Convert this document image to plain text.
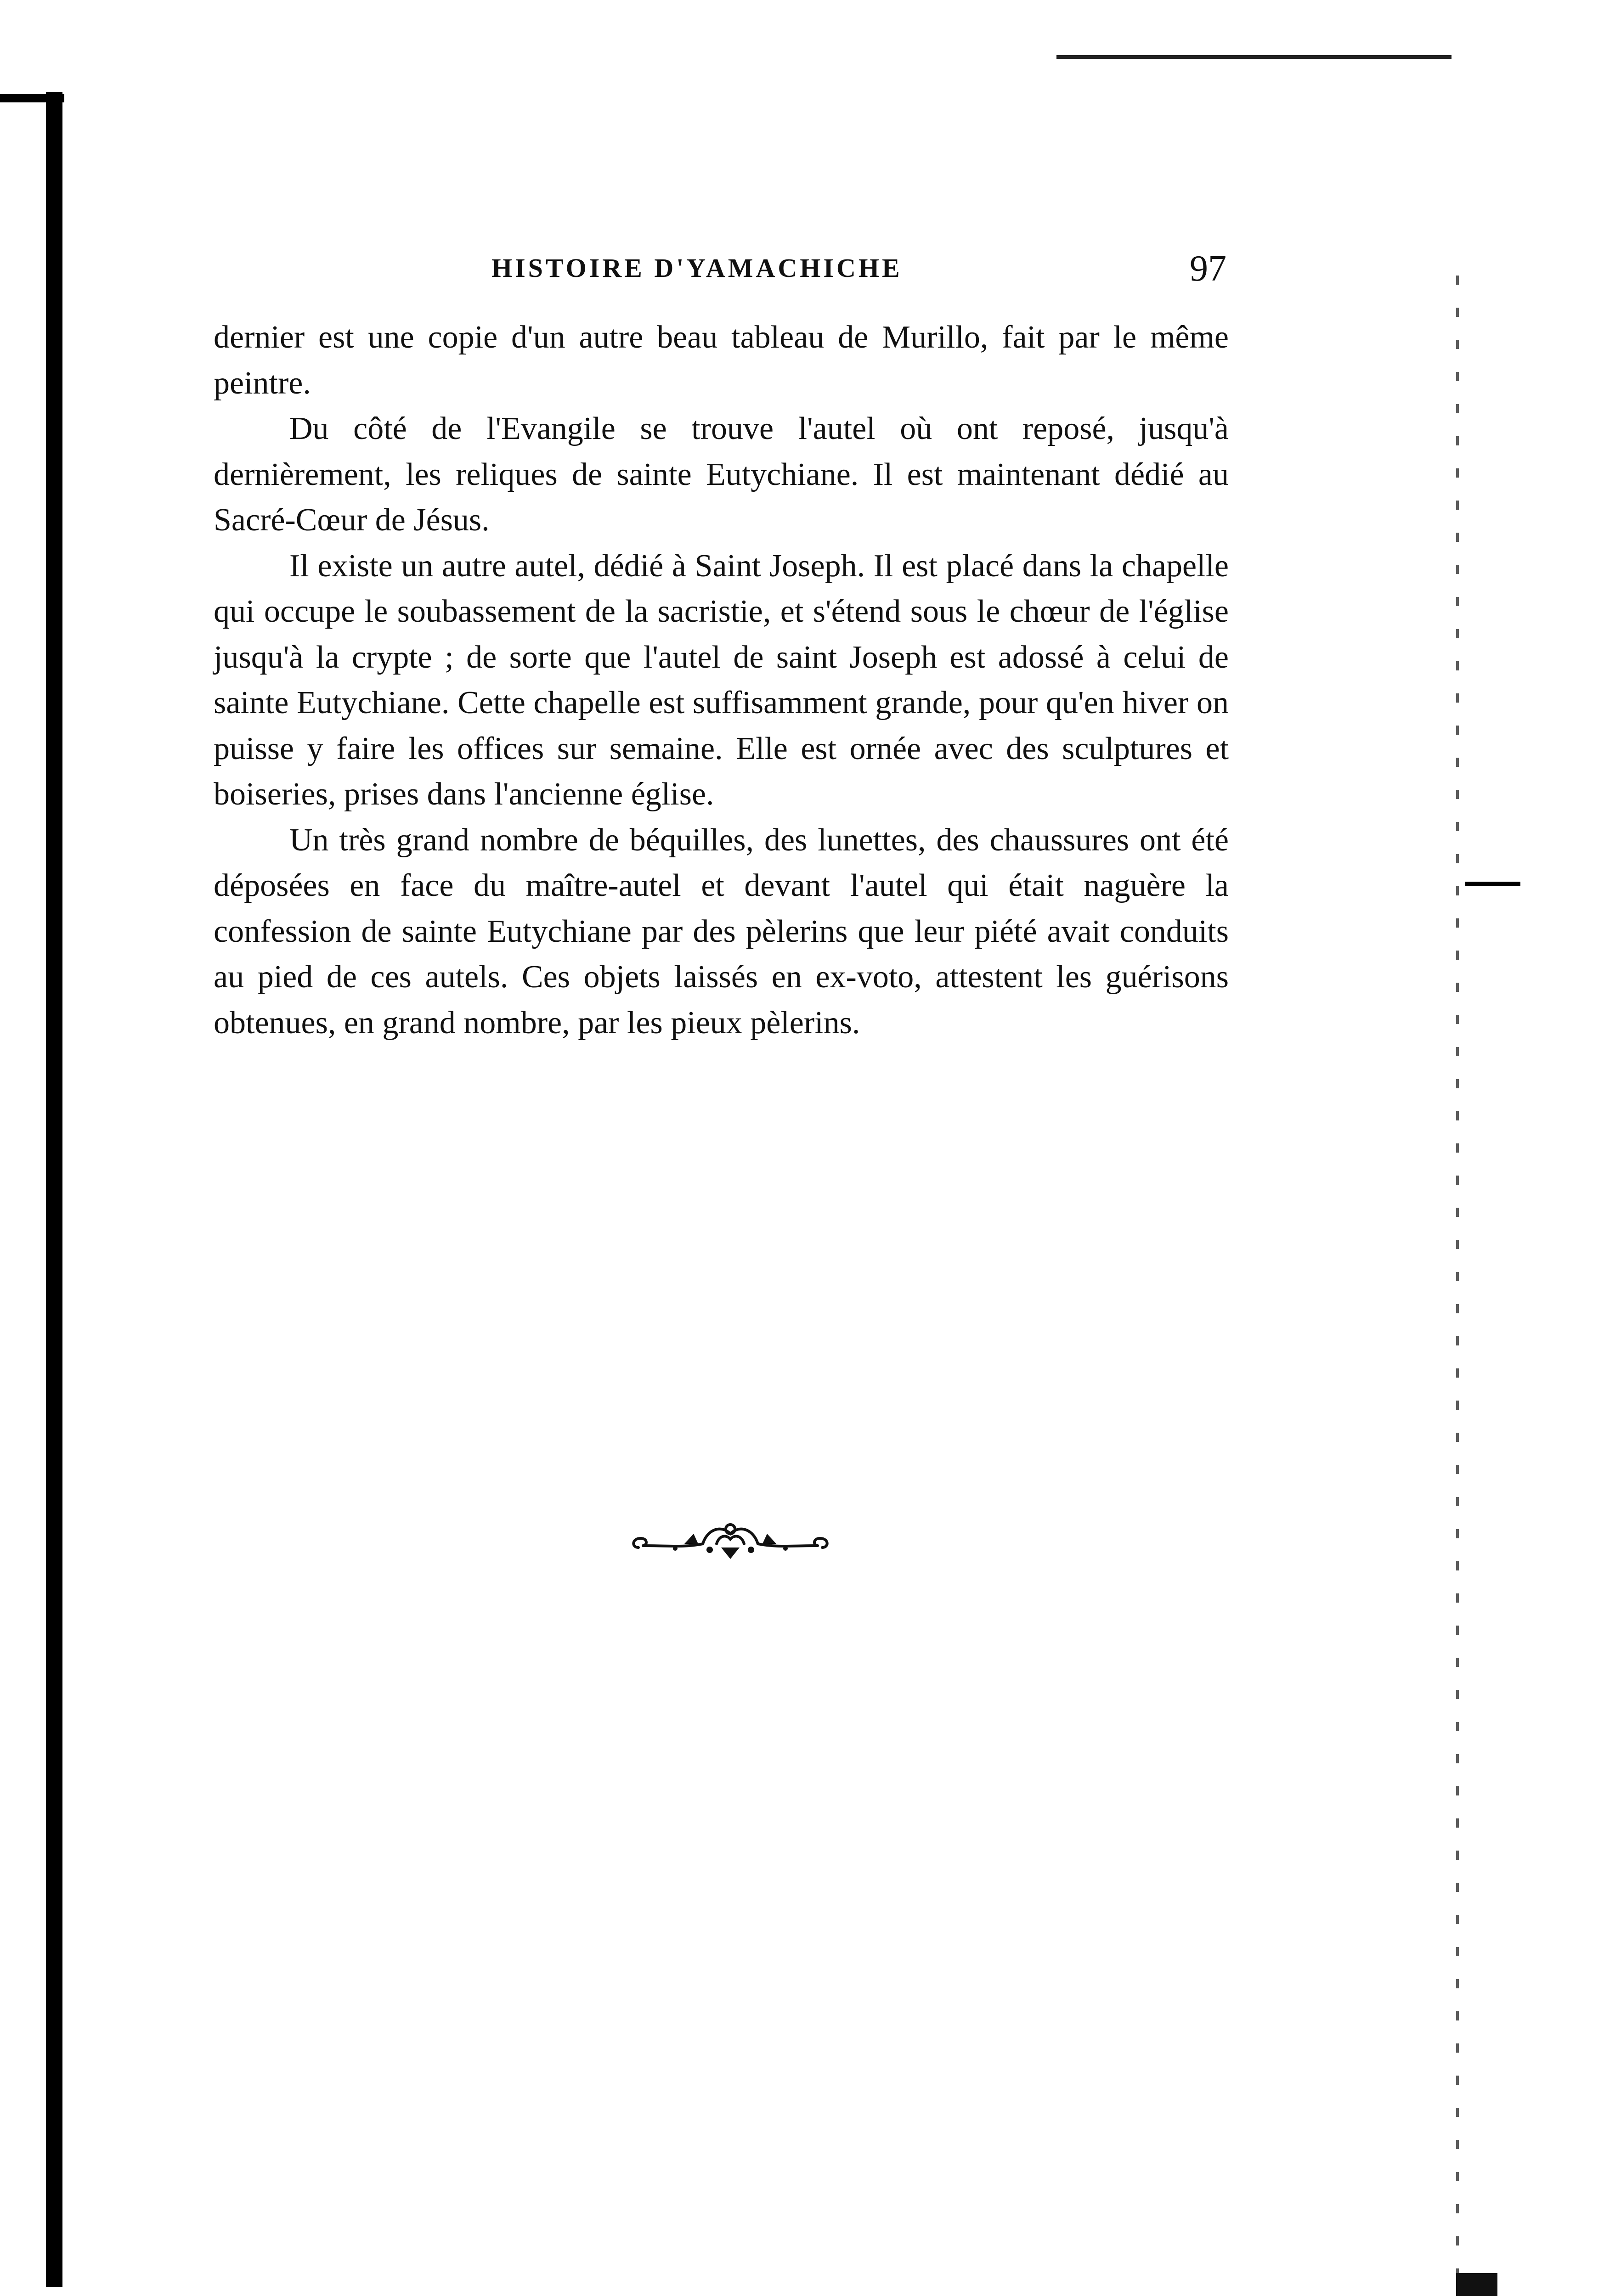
HISTOIRE D'YAMACHICHE	97

dernier est une copie d'un autre beau tableau de Murillo, fait par le même peintre.

Du côté de l'Evangile se trouve l'autel où ont reposé, jusqu'à dernièrement, les reliques de sainte Eutychiane. Il est maintenant dédié au Sacré-Cœur de Jésus.

Il existe un autre autel, dédié à Saint Joseph. Il est placé dans la chapelle qui occupe le soubassement de la sacristie, et s'étend sous le chœur de l'église jusqu'à la crypte ; de sorte que l'autel de saint Joseph est adossé à celui de sainte Eutychiane. Cette chapelle est suffisamment grande, pour qu'en hiver on puisse y faire les offices sur semaine. Elle est ornée avec des sculptures et boiseries, prises dans l'ancienne église.

Un très grand nombre de béquilles, des lunettes, des chaussures ont été déposées en face du maître-autel et devant l'autel qui était naguère la confession de sainte Eutychiane par des pèlerins que leur piété avait conduits au pied de ces autels. Ces objets laissés en ex-voto, attestent les guérisons obtenues, en grand nombre, par les pieux pèlerins.
